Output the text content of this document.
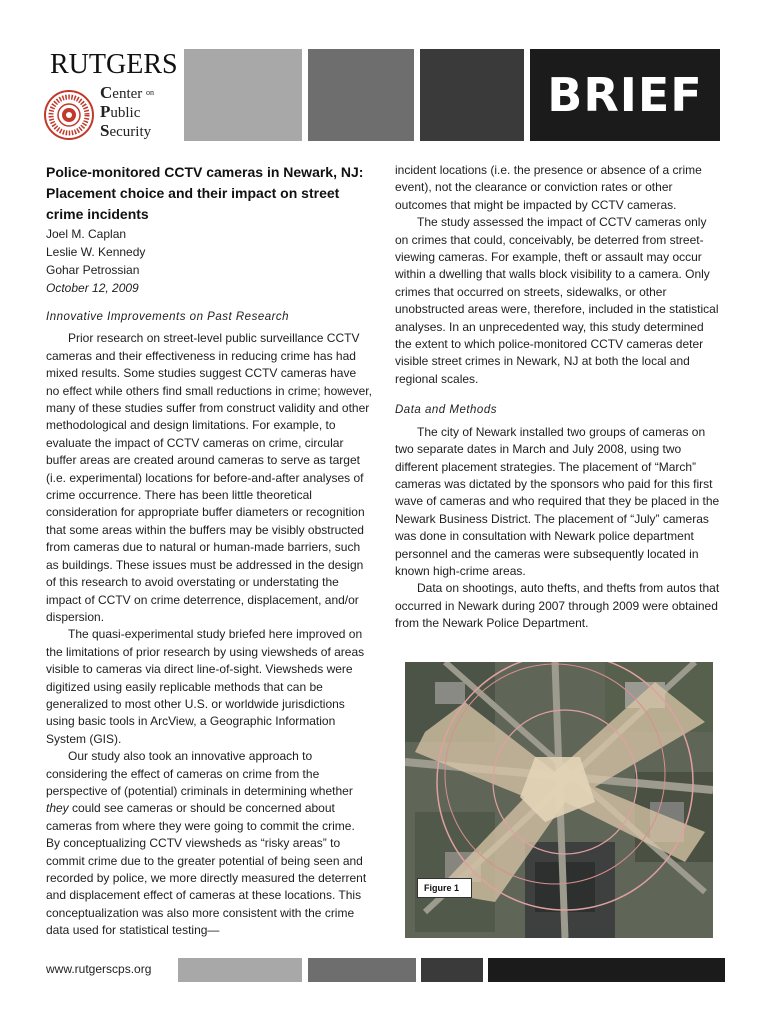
RUTGERS
Center $^{on}$
Public
Security
BRIEF
Police-monitored CCTV cameras in Newark, NJ: Placement choice and their impact on street crime incidents

Joel M. Caplan

Leslie W. Kennedy

Gohar Petrossian

October 12, 2009

Innovative Improvements on Past Research

Prior research on street-level public surveillance CCTV cameras and their effectiveness in reducing crime has had mixed results. Some studies suggest CCTV cameras have no effect while others find small reductions in crime; however, many of these studies suffer from construct validity and other methodological and design limitations. For example, to evaluate the impact of CCTV cameras on crime, circular buffer areas are created around cameras to serve as target (i.e. experimental) locations for before-and-after analyses of crime occurrence. There has been little theoretical consideration for appropriate buffer diameters or recognition that some areas within the buffers may be visibly obstructed from cameras due to natural or human-made barriers, such as buildings. These issues must be addressed in the design of this research to avoid overstating or understating the impact of CCTV on crime deterrence, displacement, and/or dispersion.

The quasi-experimental study briefed here improved on the limitations of prior research by using viewsheds of areas visible to cameras via direct line-of-sight. Viewsheds were digitized using easily replicable methods that can be generalized to most other U.S. or worldwide jurisdictions using basic tools in ArcView, a Geographic Information System (GIS).

Our study also took an innovative approach to considering the effect of cameras on crime from the perspective of (potential) criminals in determining whether they could see cameras or should be concerned about cameras from where they were going to commit the crime. By conceptualizing CCTV viewsheds as “risky areas” to commit crime due to the greater potential of being seen and recorded by police, we more directly measured the deterrent and displacement effect of cameras at these locations. This conceptualization was also more consistent with the crime data used for statistical testing—

incident locations (i.e. the presence or absence of a crime event), not the clearance or conviction rates or other outcomes that might be impacted by CCTV cameras.

The study assessed the impact of CCTV cameras only on crimes that could, conceivably, be deterred from street-viewing cameras. For example, theft or assault may occur within a dwelling that walls block visibility to a camera. Only crimes that occurred on streets, sidewalks, or other unobstructed areas were, therefore, included in the statistical analyses. In an unprecedented way, this study determined the extent to which police-monitored CCTV cameras deter visible street crimes in Newark, NJ at both the local and regional scales.

Data and Methods

The city of Newark installed two groups of cameras on two separate dates in March and July 2008, using two different placement strategies. The placement of “March” cameras was dictated by the sponsors who paid for this first wave of cameras and who required that they be placed in the Newark Business District. The placement of “July” cameras was done in consultation with Newark police department personnel and the cameras were subsequently located in known high-crime areas.

Data on shootings, auto thefts, and thefts from autos that occurred in Newark during 2007 through 2009 were obtained from the Newark Police Department.

Figure 1
www.rutgerscps.org
